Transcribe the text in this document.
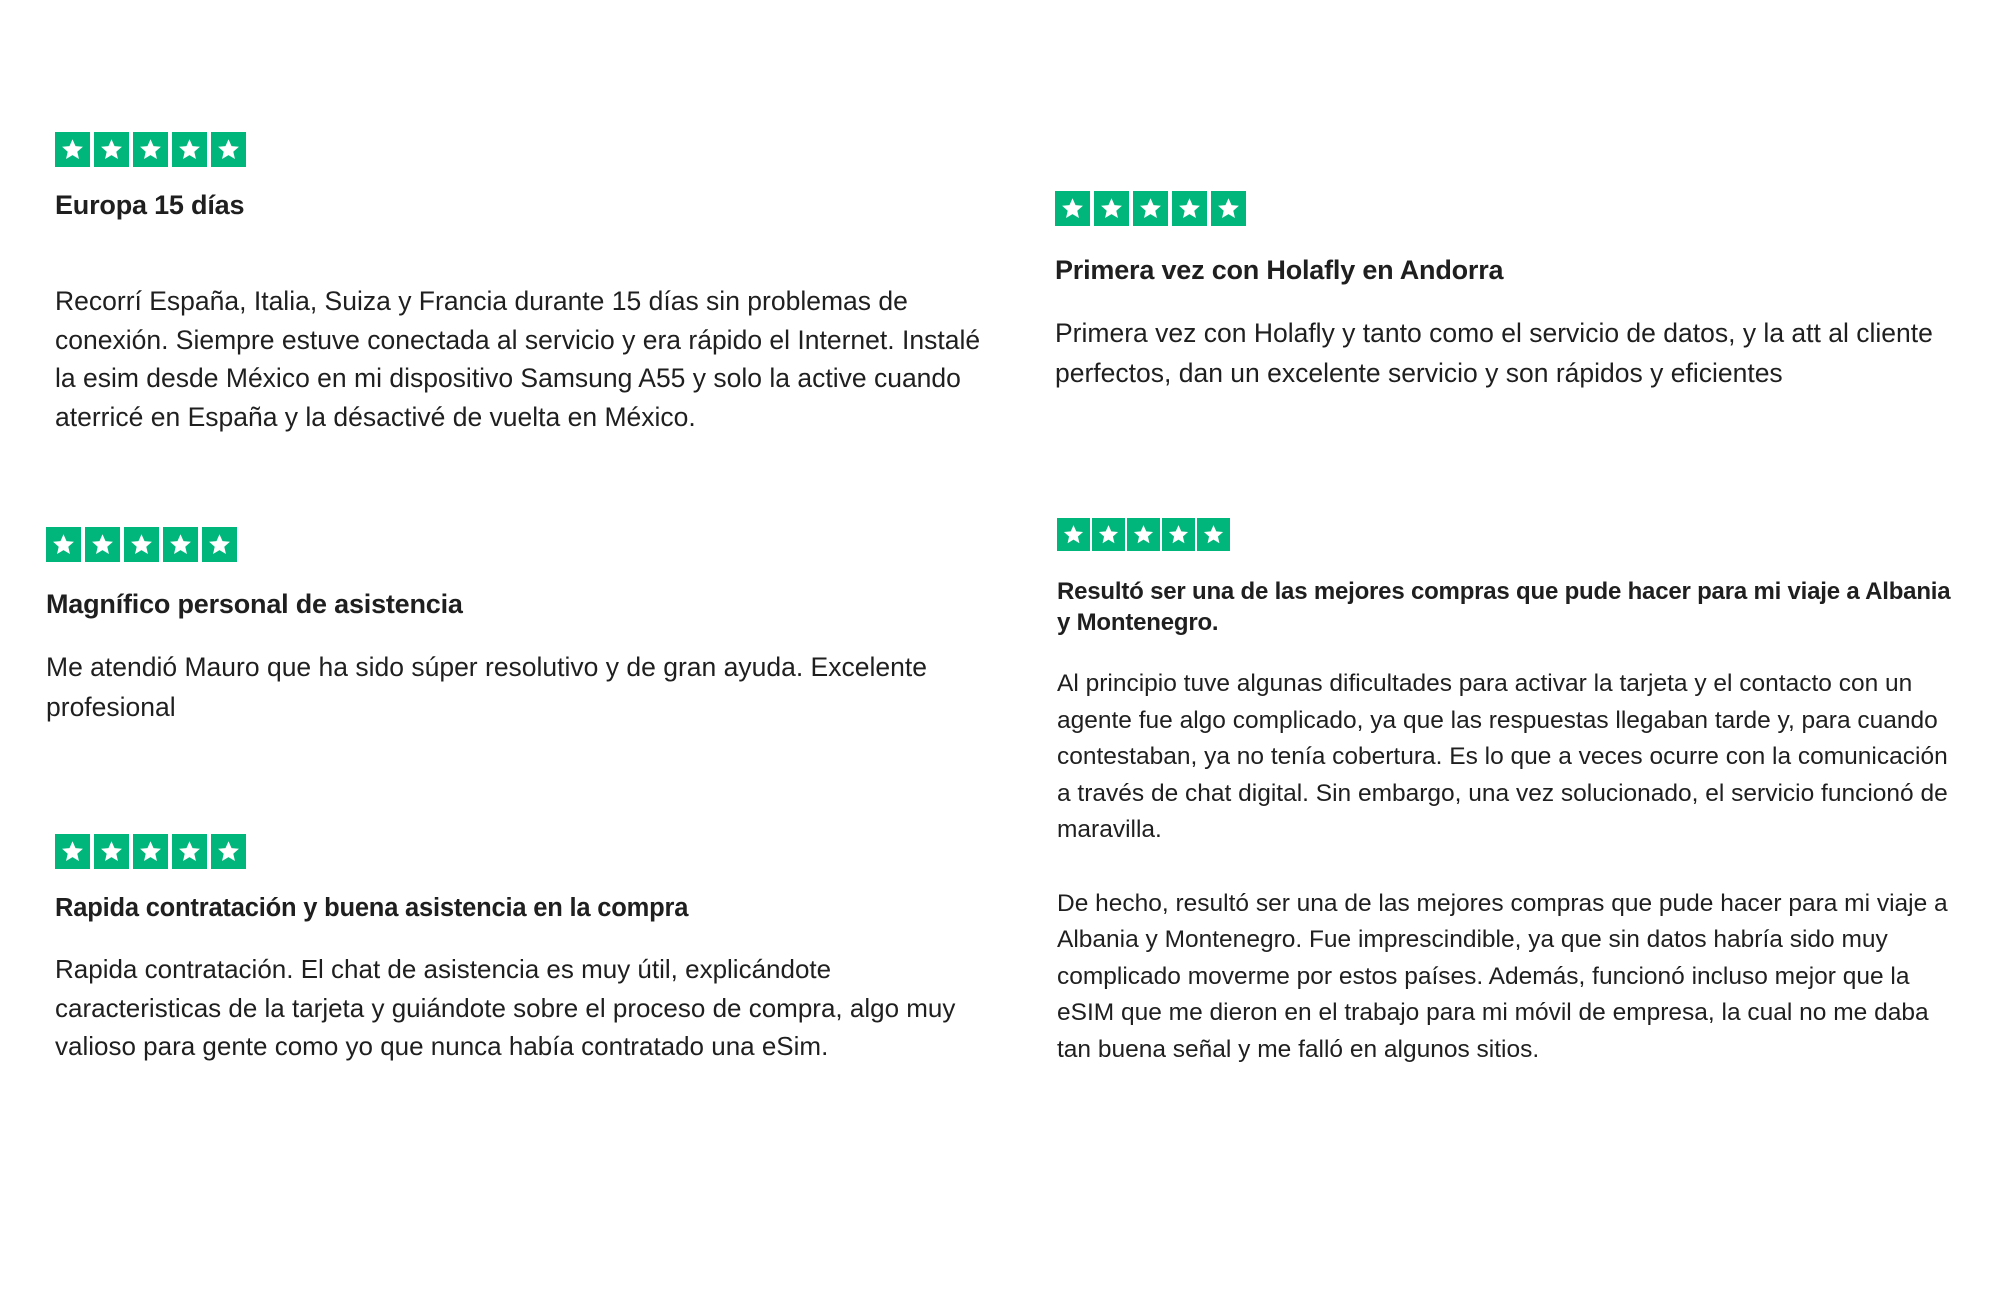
Europa 15 días

Recorrí España, Italia, Suiza y Francia durante 15 días sin problemas de conexión. Siempre estuve conectada al servicio y era rápido el Internet. Instalé la esim desde México en mi dispositivo Samsung A55 y solo la active cuando aterricé en España y la désactivé de vuelta en México.

Primera vez con Holafly en Andorra

Primera vez con Holafly y tanto como el servicio de datos, y la att al cliente perfectos, dan un excelente servicio y son rápidos y eficientes

Magnífico personal de asistencia

Me atendió Mauro que ha sido súper resolutivo y de gran ayuda. Excelente profesional

Resultó ser una de las mejores compras que pude hacer para mi viaje a Albania y Montenegro.

Al principio tuve algunas dificultades para activar la tarjeta y el contacto con un agente fue algo complicado, ya que las respuestas llegaban tarde y, para cuando contestaban, ya no tenía cobertura. Es lo que a veces ocurre con la comunicación a través de chat digital. Sin embargo, una vez solucionado, el servicio funcionó de maravilla.

De hecho, resultó ser una de las mejores compras que pude hacer para mi viaje a Albania y Montenegro. Fue imprescindible, ya que sin datos habría sido muy complicado moverme por estos países. Además, funcionó incluso mejor que la eSIM que me dieron en el trabajo para mi móvil de empresa, la cual no me daba tan buena señal y me falló en algunos sitios.

Rapida contratación y buena asistencia en la compra

Rapida contratación. El chat de asistencia es muy útil, explicándote caracteristicas de la tarjeta y guiándote sobre el proceso de compra, algo muy valioso para gente como yo que nunca había contratado una eSim.
